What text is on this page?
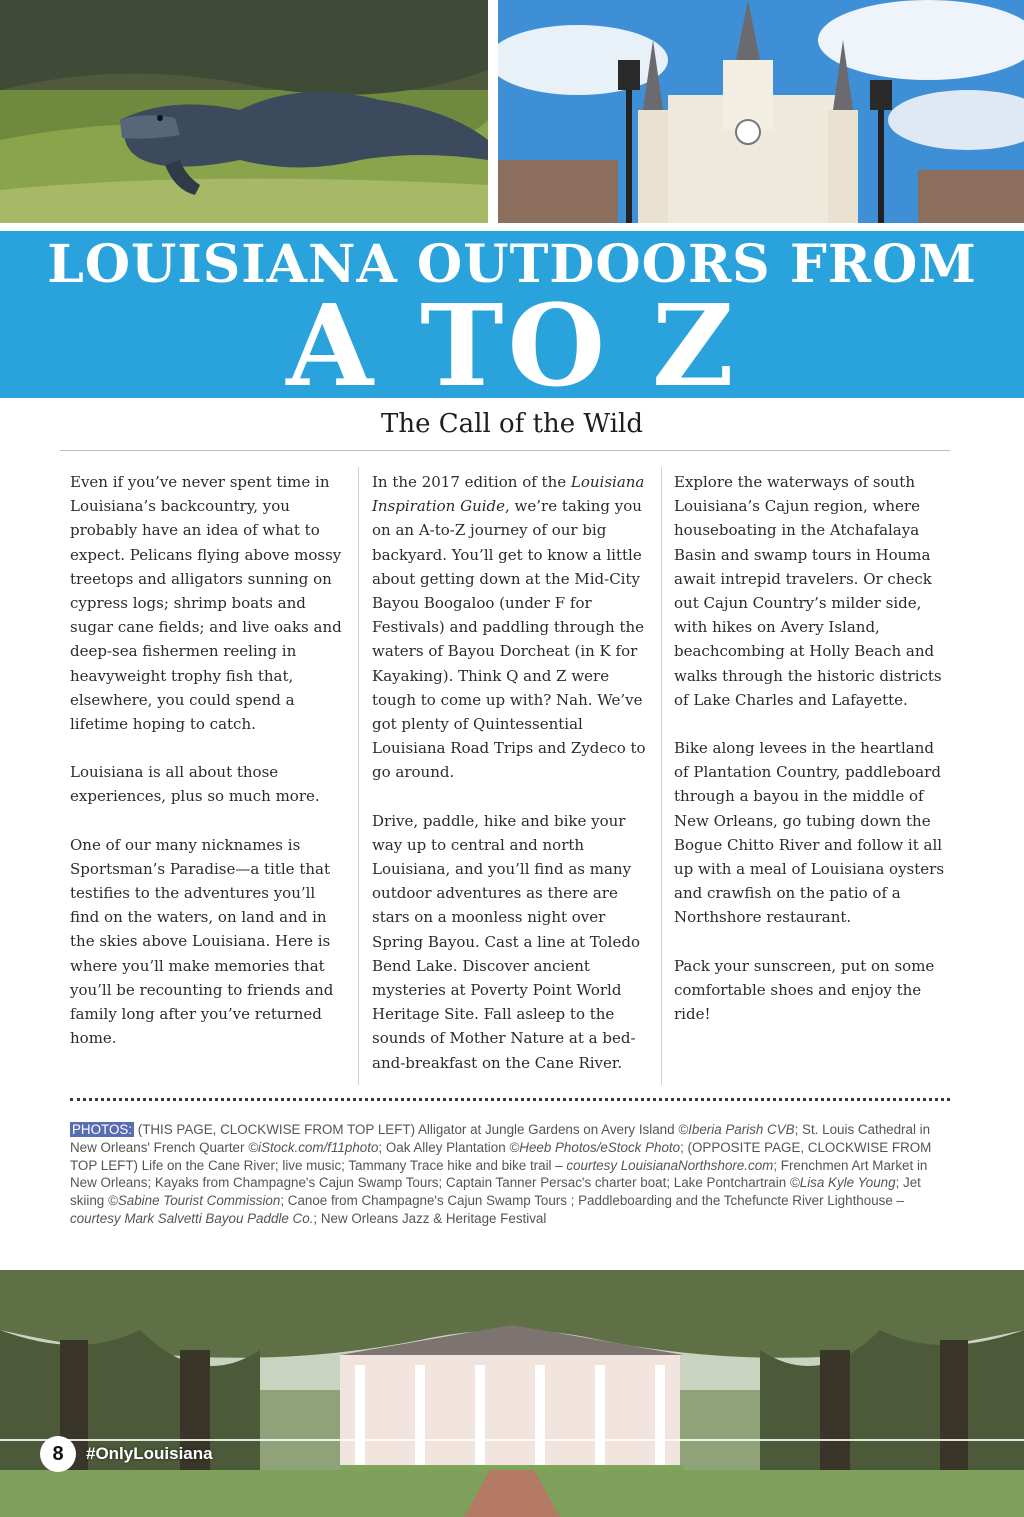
LOUISIANA OUTDOORS FROM
A TO Z
The Call of the Wild

Even if you’ve never spent time in Louisiana’s backcountry, you probably have an idea of what to expect. Pelicans flying above mossy treetops and alligators sunning on cypress logs; shrimp boats and sugar cane fields; and live oaks and deep-sea fishermen reeling in heavyweight trophy fish that, elsewhere, you could spend a lifetime hoping to catch.

Louisiana is all about those experiences, plus so much more.

One of our many nicknames is Sportsman’s Paradise—a title that testifies to the adventures you’ll find on the waters, on land and in the skies above Louisiana. Here is where you’ll make memories that you’ll be recounting to friends and family long after you’ve returned home.

In the 2017 edition of the Louisiana Inspiration Guide, we’re taking you on an A-to-Z journey of our big backyard. You’ll get to know a little about getting down at the Mid-City Bayou Boogaloo (under F for Festivals) and paddling through the waters of Bayou Dorcheat (in K for Kayaking). Think Q and Z were tough to come up with? Nah. We’ve got plenty of Quintessential Louisiana Road Trips and Zydeco to go around.

Drive, paddle, hike and bike your way up to central and north Louisiana, and you’ll find as many outdoor adventures as there are stars on a moonless night over Spring Bayou. Cast a line at Toledo Bend Lake. Discover ancient mysteries at Poverty Point World Heritage Site. Fall asleep to the sounds of Mother Nature at a bed-and-breakfast on the Cane River.

Explore the waterways of south Louisiana’s Cajun region, where houseboating in the Atchafalaya Basin and swamp tours in Houma await intrepid travelers. Or check out Cajun Country’s milder side, with hikes on Avery Island, beachcombing at Holly Beach and walks through the historic districts of Lake Charles and Lafayette.

Bike along levees in the heartland of Plantation Country, paddleboard through a bayou in the middle of New Orleans, go tubing down the Bogue Chitto River and follow it all up with a meal of Louisiana oysters and crawfish on the patio of a Northshore restaurant.

Pack your sunscreen, put on some comfortable shoes and enjoy the ride!

PHOTOS: (THIS PAGE, CLOCKWISE FROM TOP LEFT) Alligator at Jungle Gardens on Avery Island ©Iberia Parish CVB; St. Louis Cathedral in New Orleans' French Quarter ©iStock.com/f11photo; Oak Alley Plantation ©Heeb Photos/eStock Photo; (OPPOSITE PAGE, CLOCKWISE FROM TOP LEFT) Life on the Cane River; live music; Tammany Trace hike and bike trail – courtesy LouisianaNorthshore.com; Frenchmen Art Market in New Orleans; Kayaks from Champagne's Cajun Swamp Tours; Captain Tanner Persac's charter boat; Lake Pontchartrain ©Lisa Kyle Young; Jet skiing ©Sabine Tourist Commission; Canoe from Champagne's Cajun Swamp Tours ; Paddleboarding and the Tchefuncte River Lighthouse – courtesy Mark Salvetti Bayou Paddle Co.; New Orleans Jazz & Heritage Festival
8	#OnlyLouisiana
